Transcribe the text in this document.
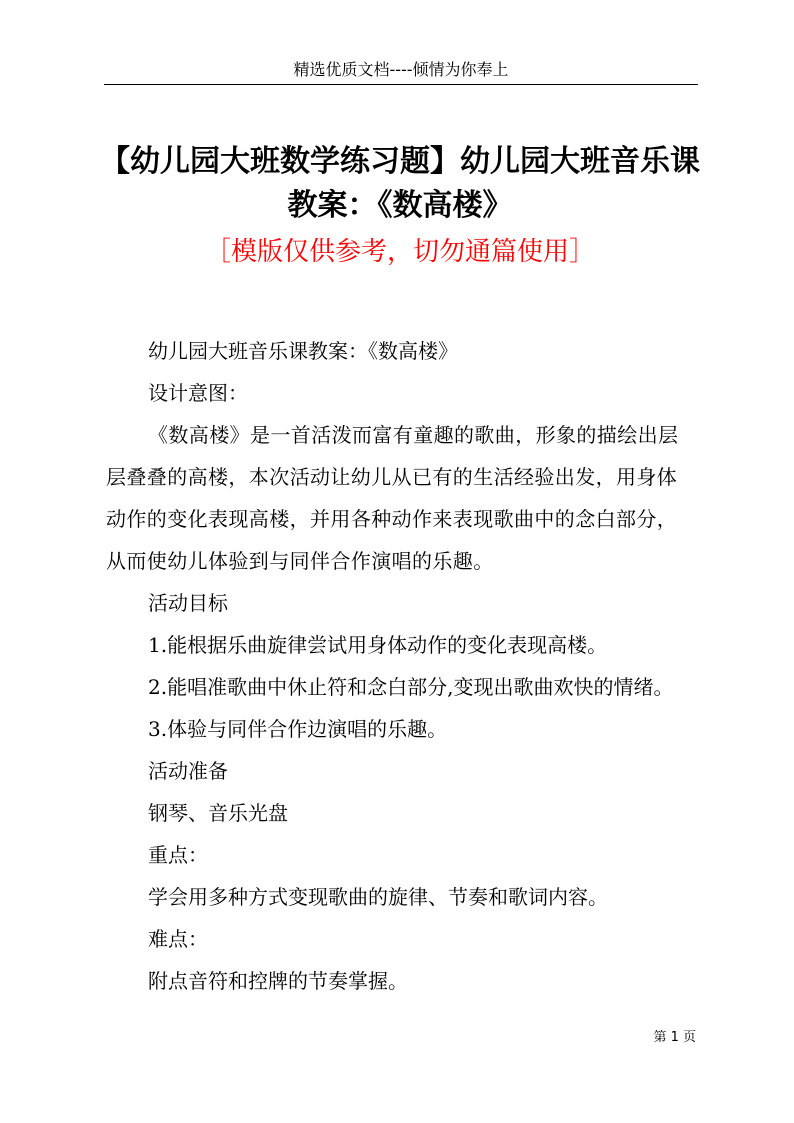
精选优质文档----倾情为你奉上
【幼儿园大班数学练习题】幼儿园大班音乐课
教案：《数高楼》
［模版仅供参考，切勿通篇使用］

幼儿园大班音乐课教案：《数高楼》

设计意图：

《数高楼》是一首活泼而富有童趣的歌曲，形象的描绘出层
层叠叠的高楼，本次活动让幼儿从已有的生活经验出发，用身体
动作的变化表现高楼，并用各种动作来表现歌曲中的念白部分，
从而使幼儿体验到与同伴合作演唱的乐趣。

活动目标

1.能根据乐曲旋律尝试用身体动作的变化表现高楼。

2.能唱准歌曲中休止符和念白部分,变现出歌曲欢快的情绪。

3.体验与同伴合作边演唱的乐趣。

活动准备

钢琴、音乐光盘

重点：

学会用多种方式变现歌曲的旋律、节奏和歌词内容。

难点：

附点音符和控牌的节奏掌握。

第 1 页
